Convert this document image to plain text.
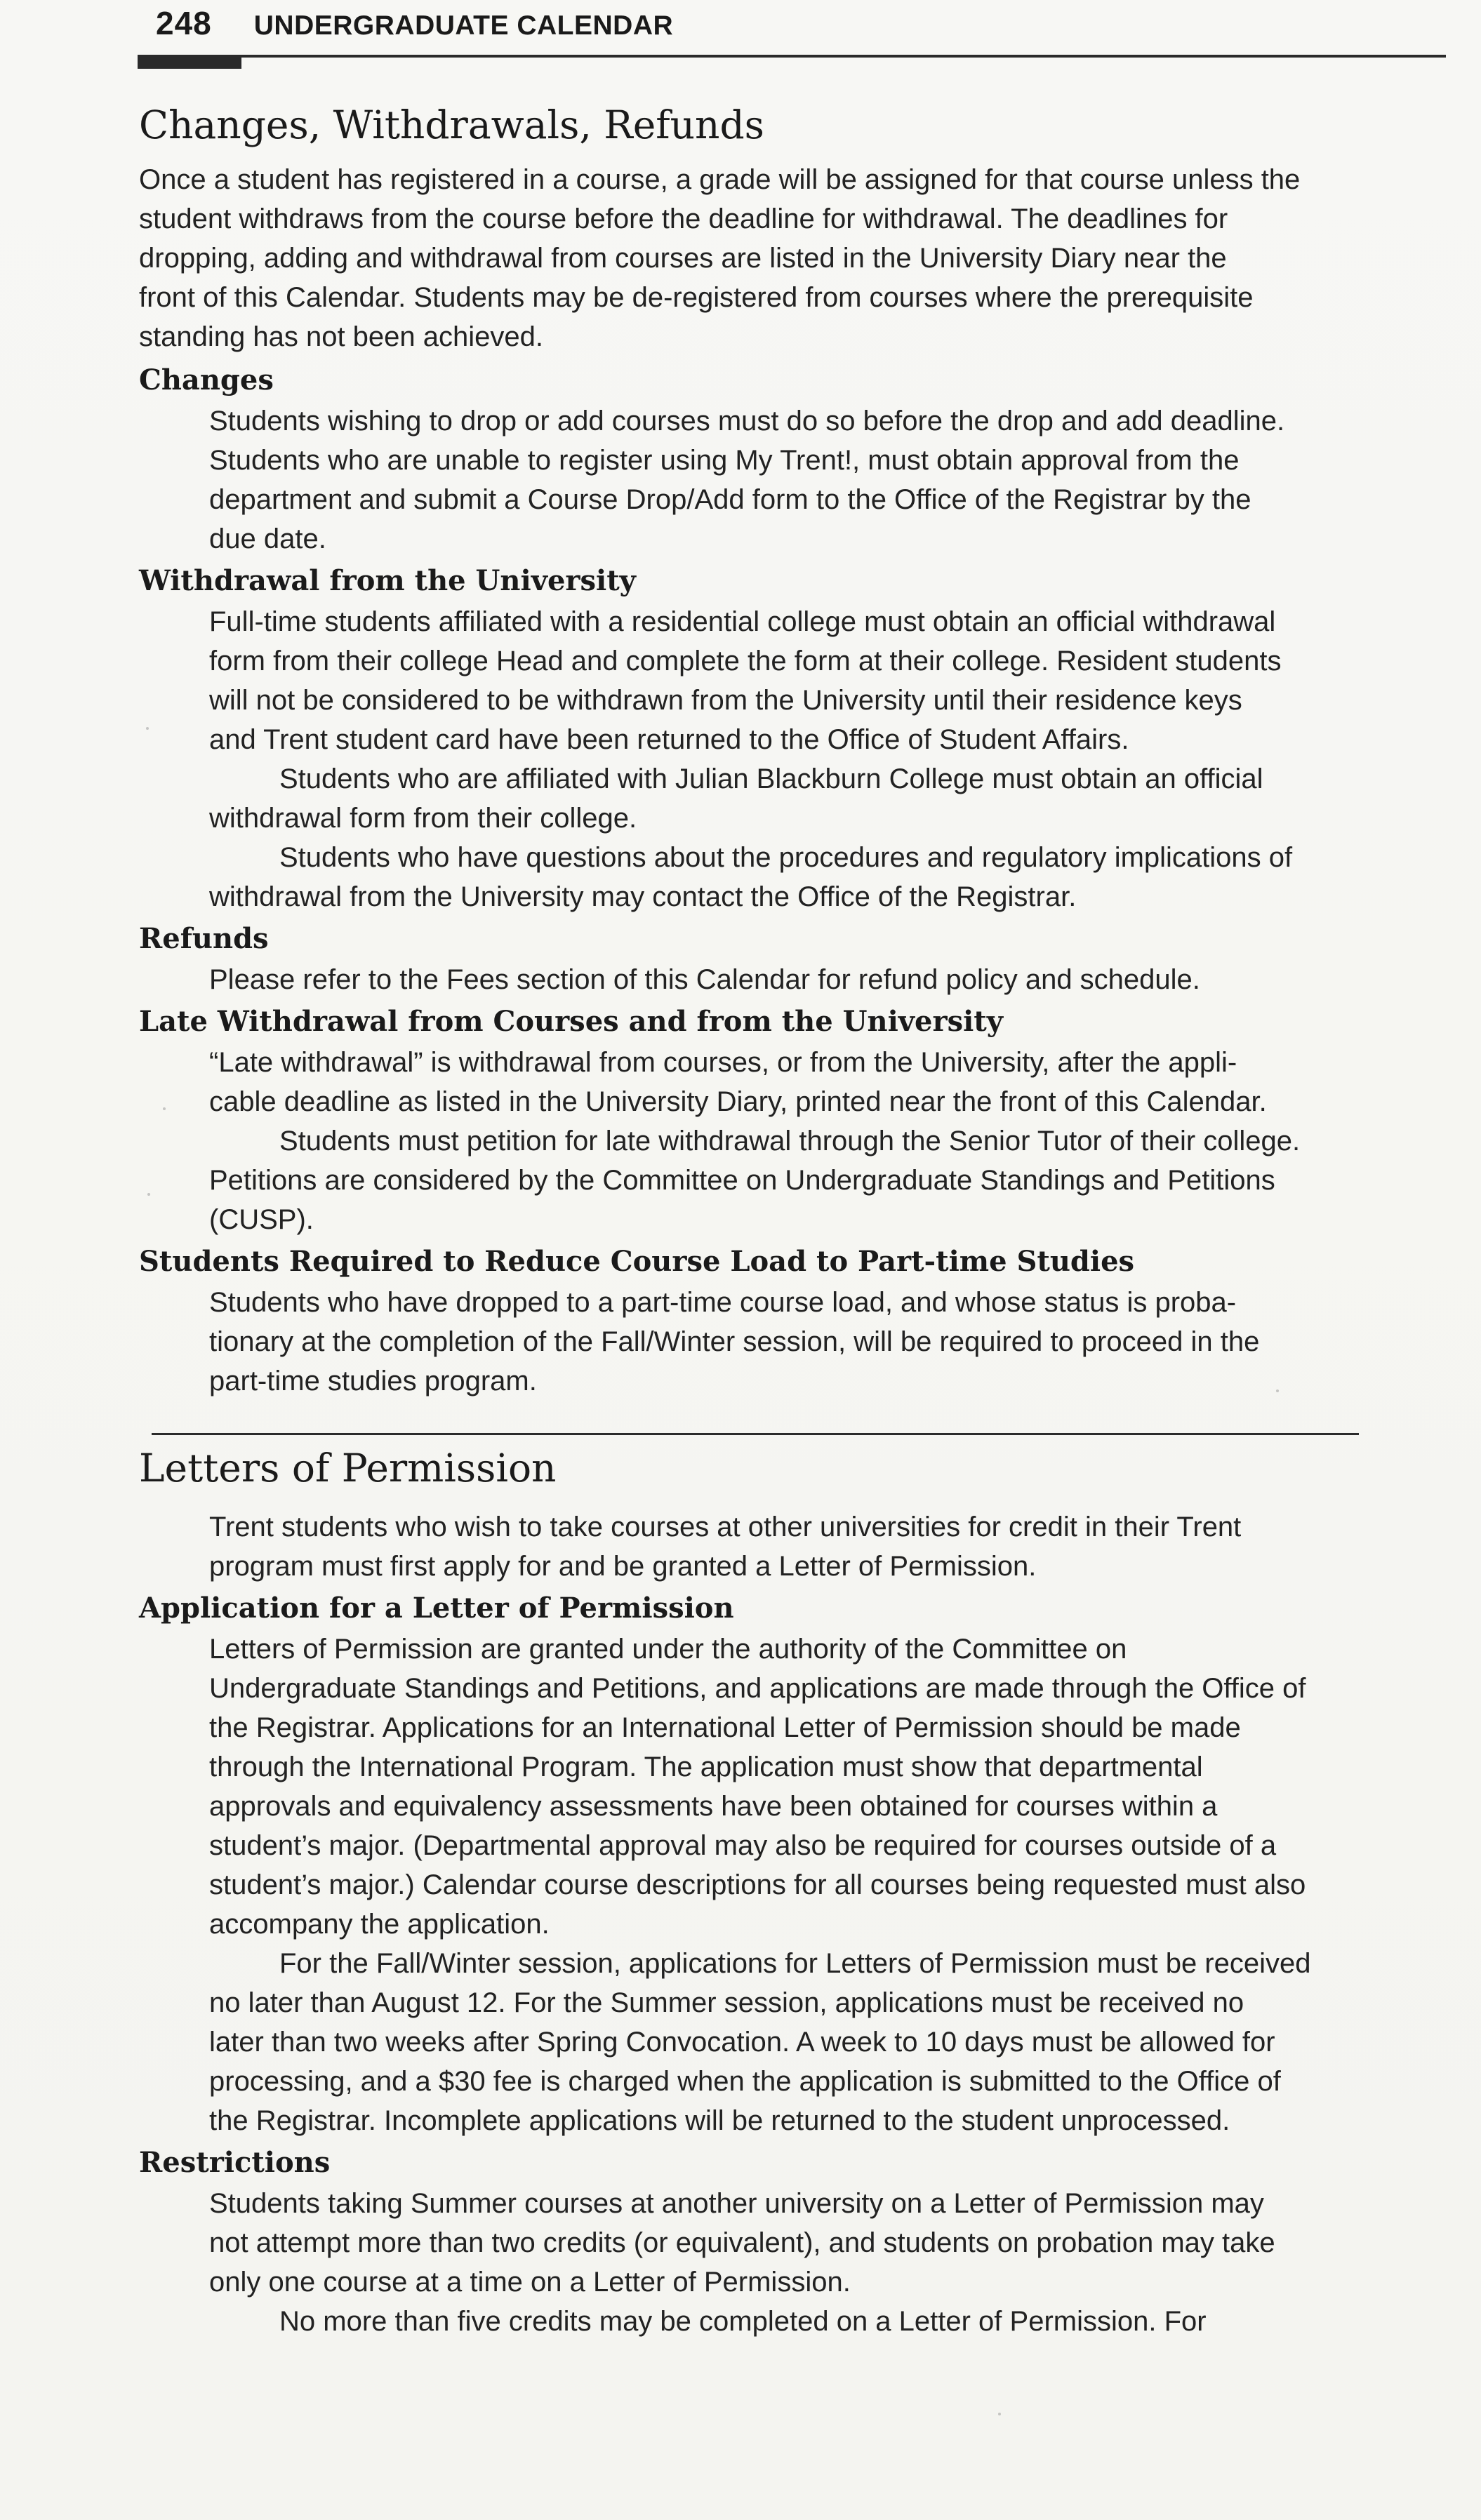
248 UNDERGRADUATE CALENDAR
Changes, Withdrawals, Refunds
Once a student has registered in a course, a grade will be assigned for that course unless the
student withdraws from the course before the deadline for withdrawal. The deadlines for
dropping, adding and withdrawal from courses are listed in the University Diary near the
front of this Calendar. Students may be de-registered from courses where the prerequisite
standing has not been achieved.
Changes
Students wishing to drop or add courses must do so before the drop and add deadline.
Students who are unable to register using My Trent!, must obtain approval from the
department and submit a Course Drop/Add form to the Office of the Registrar by the
due date.
Withdrawal from the University
Full-time students affiliated with a residential college must obtain an official withdrawal
form from their college Head and complete the form at their college. Resident students
will not be considered to be withdrawn from the University until their residence keys
and Trent student card have been returned to the Office of Student Affairs.
Students who are affiliated with Julian Blackburn College must obtain an official
withdrawal form from their college.
Students who have questions about the procedures and regulatory implications of
withdrawal from the University may contact the Office of the Registrar.
Refunds
Please refer to the Fees section of this Calendar for refund policy and schedule.
Late Withdrawal from Courses and from the University
“Late withdrawal” is withdrawal from courses, or from the University, after the appli-
cable deadline as listed in the University Diary, printed near the front of this Calendar.
Students must petition for late withdrawal through the Senior Tutor of their college.
Petitions are considered by the Committee on Undergraduate Standings and Petitions
(CUSP).
Students Required to Reduce Course Load to Part-time Studies
Students who have dropped to a part-time course load, and whose status is proba-
tionary at the completion of the Fall/Winter session, will be required to proceed in the
part-time studies program.
Letters of Permission
Trent students who wish to take courses at other universities for credit in their Trent
program must first apply for and be granted a Letter of Permission.
Application for a Letter of Permission
Letters of Permission are granted under the authority of the Committee on
Undergraduate Standings and Petitions, and applications are made through the Office of
the Registrar. Applications for an International Letter of Permission should be made
through the International Program. The application must show that departmental
approvals and equivalency assessments have been obtained for courses within a
student’s major. (Departmental approval may also be required for courses outside of a
student’s major.) Calendar course descriptions for all courses being requested must also
accompany the application.
For the Fall/Winter session, applications for Letters of Permission must be received
no later than August 12. For the Summer session, applications must be received no
later than two weeks after Spring Convocation. A week to 10 days must be allowed for
processing, and a $30 fee is charged when the application is submitted to the Office of
the Registrar. Incomplete applications will be returned to the student unprocessed.
Restrictions
Students taking Summer courses at another university on a Letter of Permission may
not attempt more than two credits (or equivalent), and students on probation may take
only one course at a time on a Letter of Permission.
No more than five credits may be completed on a Letter of Permission. For
